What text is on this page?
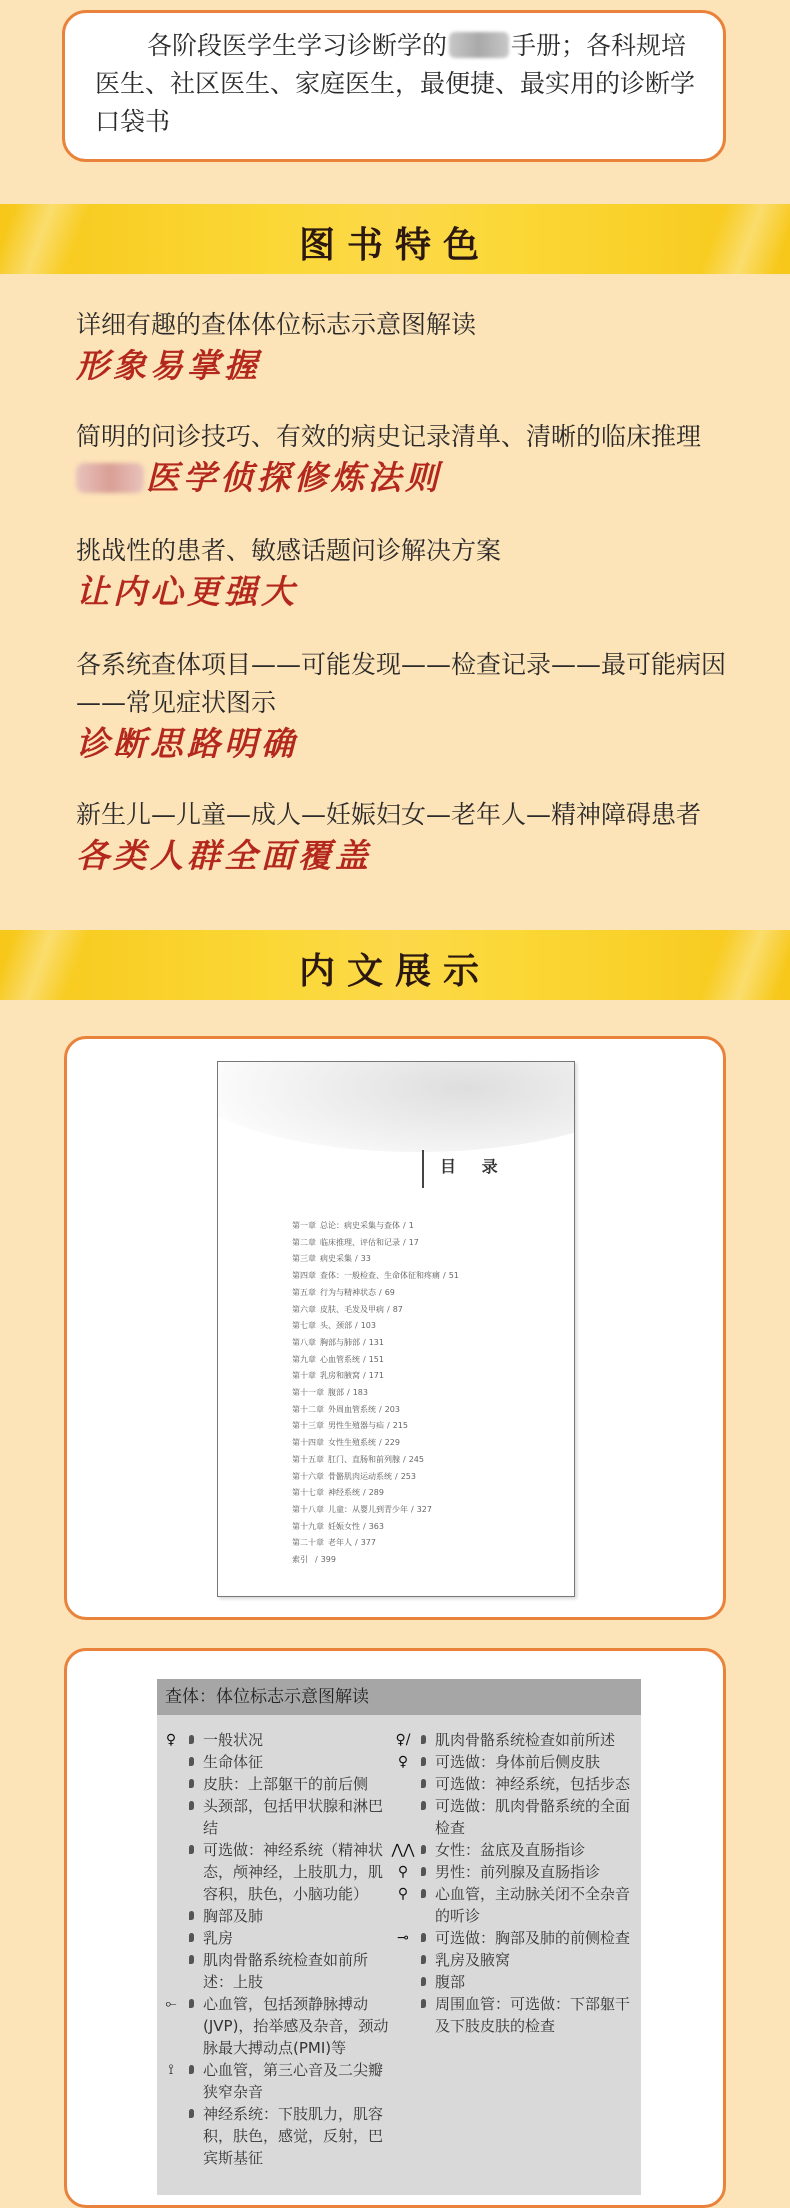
各阶段医学生学习诊断学的	手册；各科规培医生、社区医生、家庭医生，最便捷、最实用的诊断学口袋书
图书特色
详细有趣的查体体位标志示意图解读
形象易掌握
简明的问诊技巧、有效的病史记录清单、清晰的临床推理
医学侦探修炼法则
挑战性的患者、敏感话题问诊解决方案
让内心更强大
各系统查体项目——可能发现——检查记录——最可能病因——常见症状图示
诊断思路明确
新生儿—儿童—成人—妊娠妇女—老年人—精神障碍患者
各类人群全面覆盖
内文展示
目 录
第一章 总论：病史采集与查体 / 1
第二章 临床推理、评估和记录 / 17
第三章 病史采集 / 33
第四章 查体：一般检查、生命体征和疼痛 / 51
第五章 行为与精神状态 / 69
第六章 皮肤、毛发及甲病 / 87
第七章 头、颈部 / 103
第八章 胸部与肺部 / 131
第九章 心血管系统 / 151
第十章 乳房和腋窝 / 171
第十一章 腹部 / 183
第十二章 外周血管系统 / 203
第十三章 男性生殖器与疝 / 215
第十四章 女性生殖系统 / 229
第十五章 肛门、直肠和前列腺 / 245
第十六章 骨骼肌肉运动系统 / 253
第十七章 神经系统 / 289
第十八章 儿童：从婴儿到青少年 / 327
第十九章 妊娠女性 / 363
第二十章 老年人 / 377
索引 / 399
查体：体位标志示意图解读
♀	一般状况
生命体征
皮肤：上部躯干的前后侧
头颈部，包括甲状腺和淋巴结
可选做：神经系统（精神状态，颅神经，上肢肌力，肌容积，肤色，小脑功能）
胸部及肺
乳房
肌肉骨骼系统检查如前所述：上肢
⟜	心血管，包括颈静脉搏动(JVP)，抬举感及杂音，颈动脉最大搏动点(PMI)等
⟟	心血管，第三心音及二尖瓣狭窄杂音
神经系统：下肢肌力，肌容积，肤色，感觉，反射，巴宾斯基征
♀/♀
肌肉骨骼系统检查如前所述
可选做：身体前后侧皮肤
可选做：神经系统，包括步态
可选做：肌肉骨骼系统的全面检查
⋀⋀ 女性：盆底及直肠指诊
⚲	男性：前列腺及直肠指诊
⚲	心血管，主动脉关闭不全杂音的听诊
⊸	可选做：胸部及肺的前侧检查
乳房及腋窝
腹部
周围血管：可选做：下部躯干及下肢皮肤的检查
